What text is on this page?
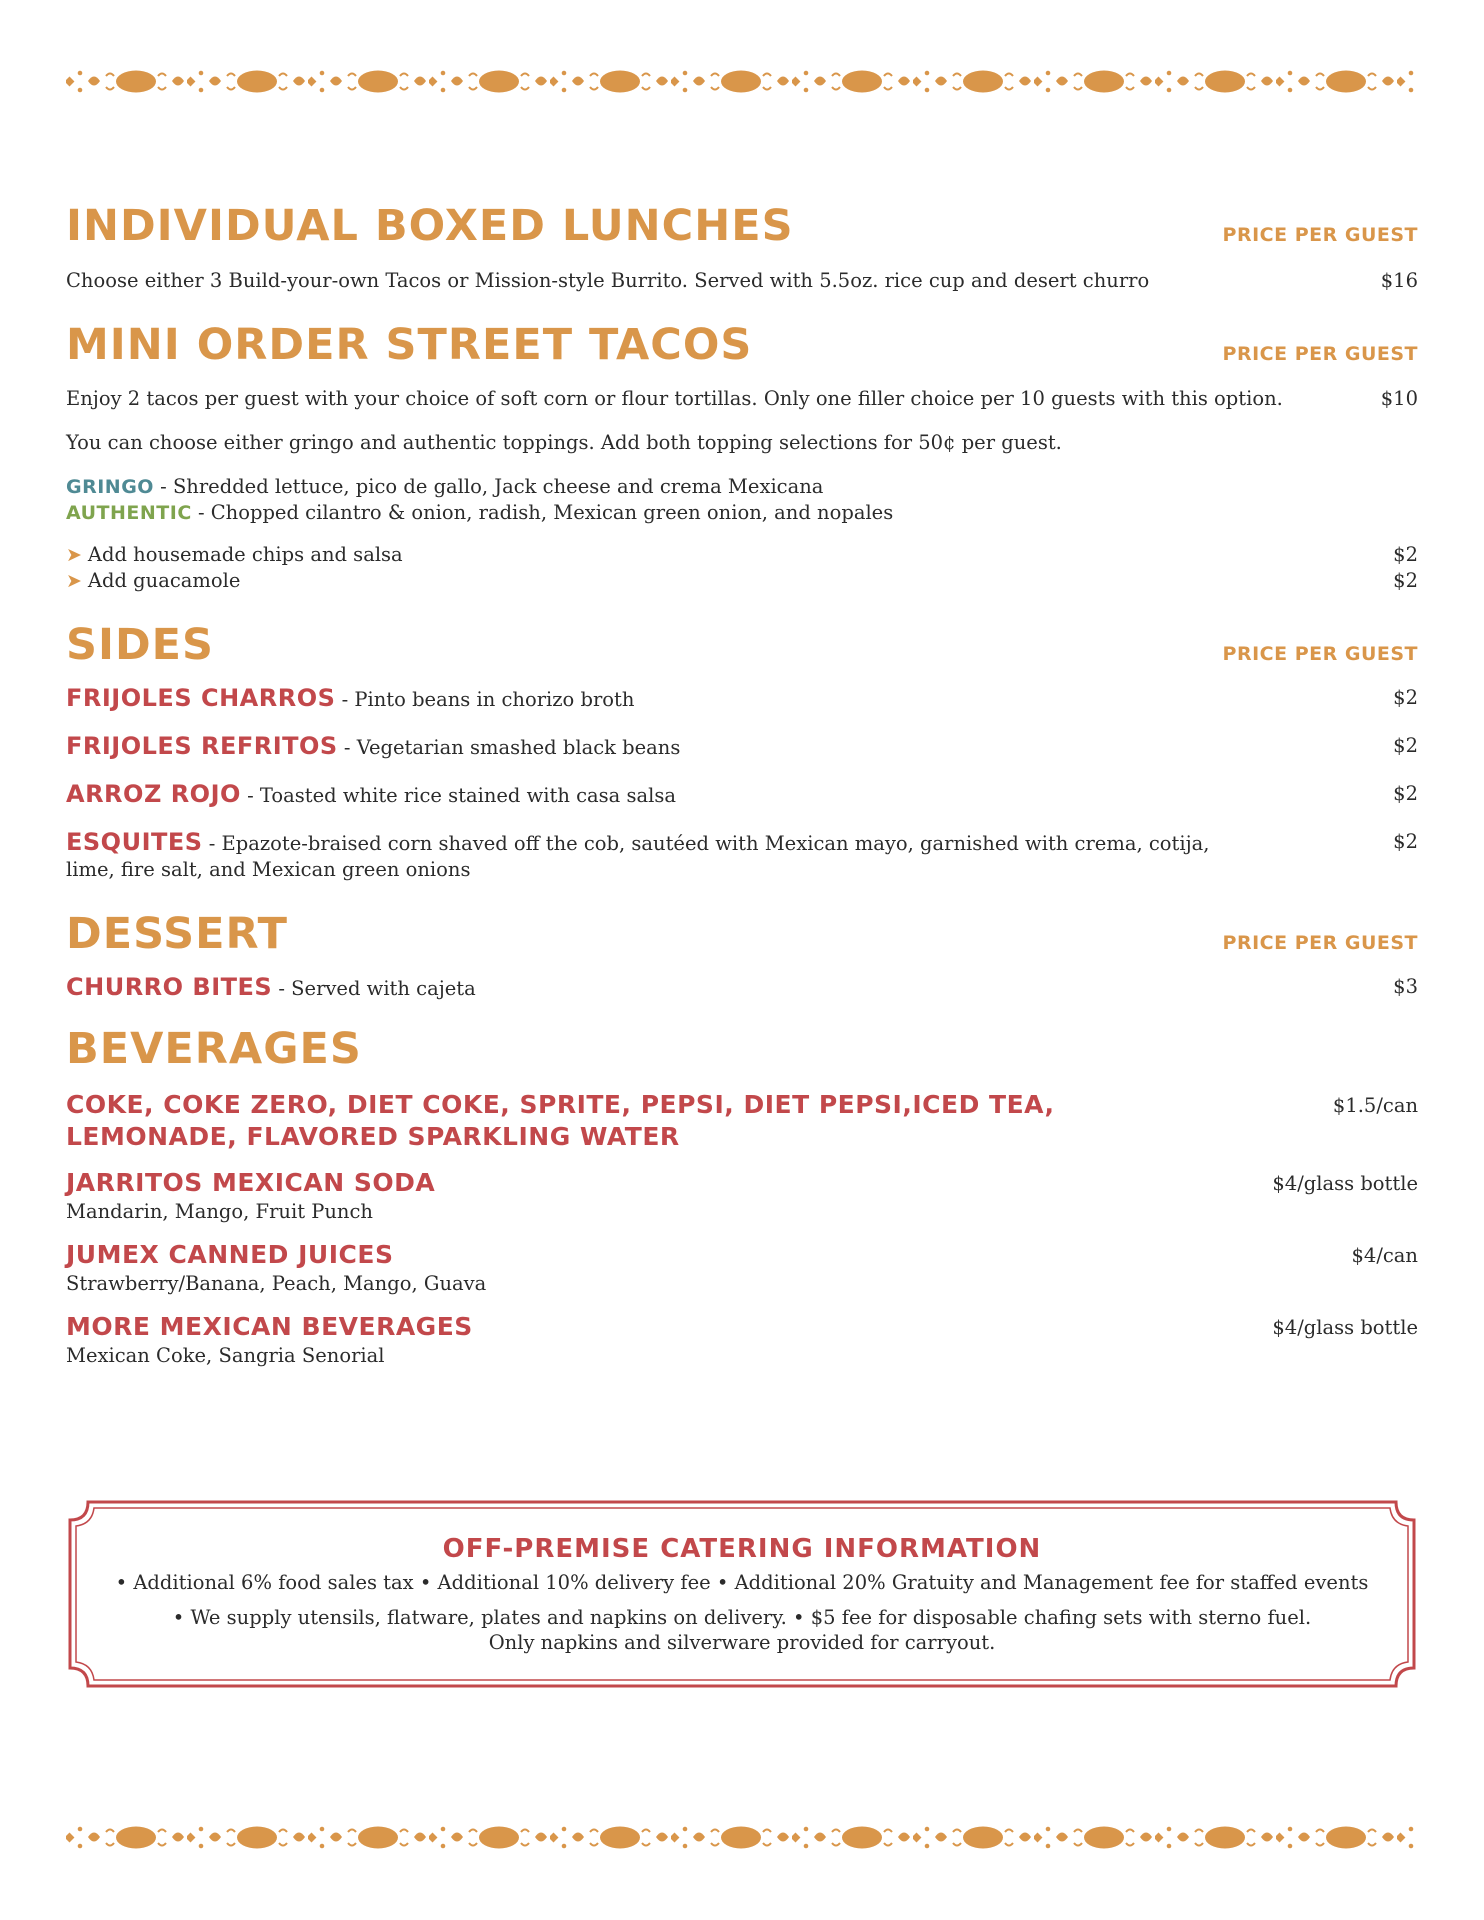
INDIVIDUAL BOXED LUNCHES	PRICE PER GUEST
Choose either 3 Build-your-own Tacos or Mission-style Burrito. Served with 5.5oz. rice cup and desert churro	$16
MINI ORDER STREET TACOS	PRICE PER GUEST
Enjoy 2 tacos per guest with your choice of soft corn or flour tortillas. Only one filler choice per 10 guests with this option.	$10
You can choose either gringo and authentic toppings. Add both topping selections for 50¢ per guest.
GRINGO - Shredded lettuce, pico de gallo, Jack cheese and crema Mexicana
AUTHENTIC - Chopped cilantro & onion, radish, Mexican green onion, and nopales
➤ Add housemade chips and salsa	$2
➤ Add guacamole	$2
SIDES	PRICE PER GUEST
FRIJOLES CHARROS - Pinto beans in chorizo broth	$2
FRIJOLES REFRITOS - Vegetarian smashed black beans	$2
ARROZ ROJO - Toasted white rice stained with casa salsa	$2
ESQUITES - Epazote-braised corn shaved off the cob, sautéed with Mexican mayo, garnished with crema, cotija, lime, fire salt, and Mexican green onions
$2
DESSERT	PRICE PER GUEST
CHURRO BITES - Served with cajeta	$3
BEVERAGES
COKE, COKE ZERO, DIET COKE, SPRITE, PEPSI, DIET PEPSI,ICED TEA,
LEMONADE, FLAVORED SPARKLING WATER
$1.5/can
JARRITOS MEXICAN SODA
Mandarin, Mango, Fruit Punch
$4/glass bottle
JUMEX CANNED JUICES
Strawberry/Banana, Peach, Mango, Guava
$4/can
MORE MEXICAN BEVERAGES
Mexican Coke, Sangria Senorial
$4/glass bottle
OFF-PREMISE CATERING INFORMATION
• Additional 6% food sales tax • Additional 10% delivery fee • Additional 20% Gratuity and Management fee for staffed events
• We supply utensils, flatware, plates and napkins on delivery. • $5 fee for disposable chafing sets with sterno fuel.
Only napkins and silverware provided for carryout.
